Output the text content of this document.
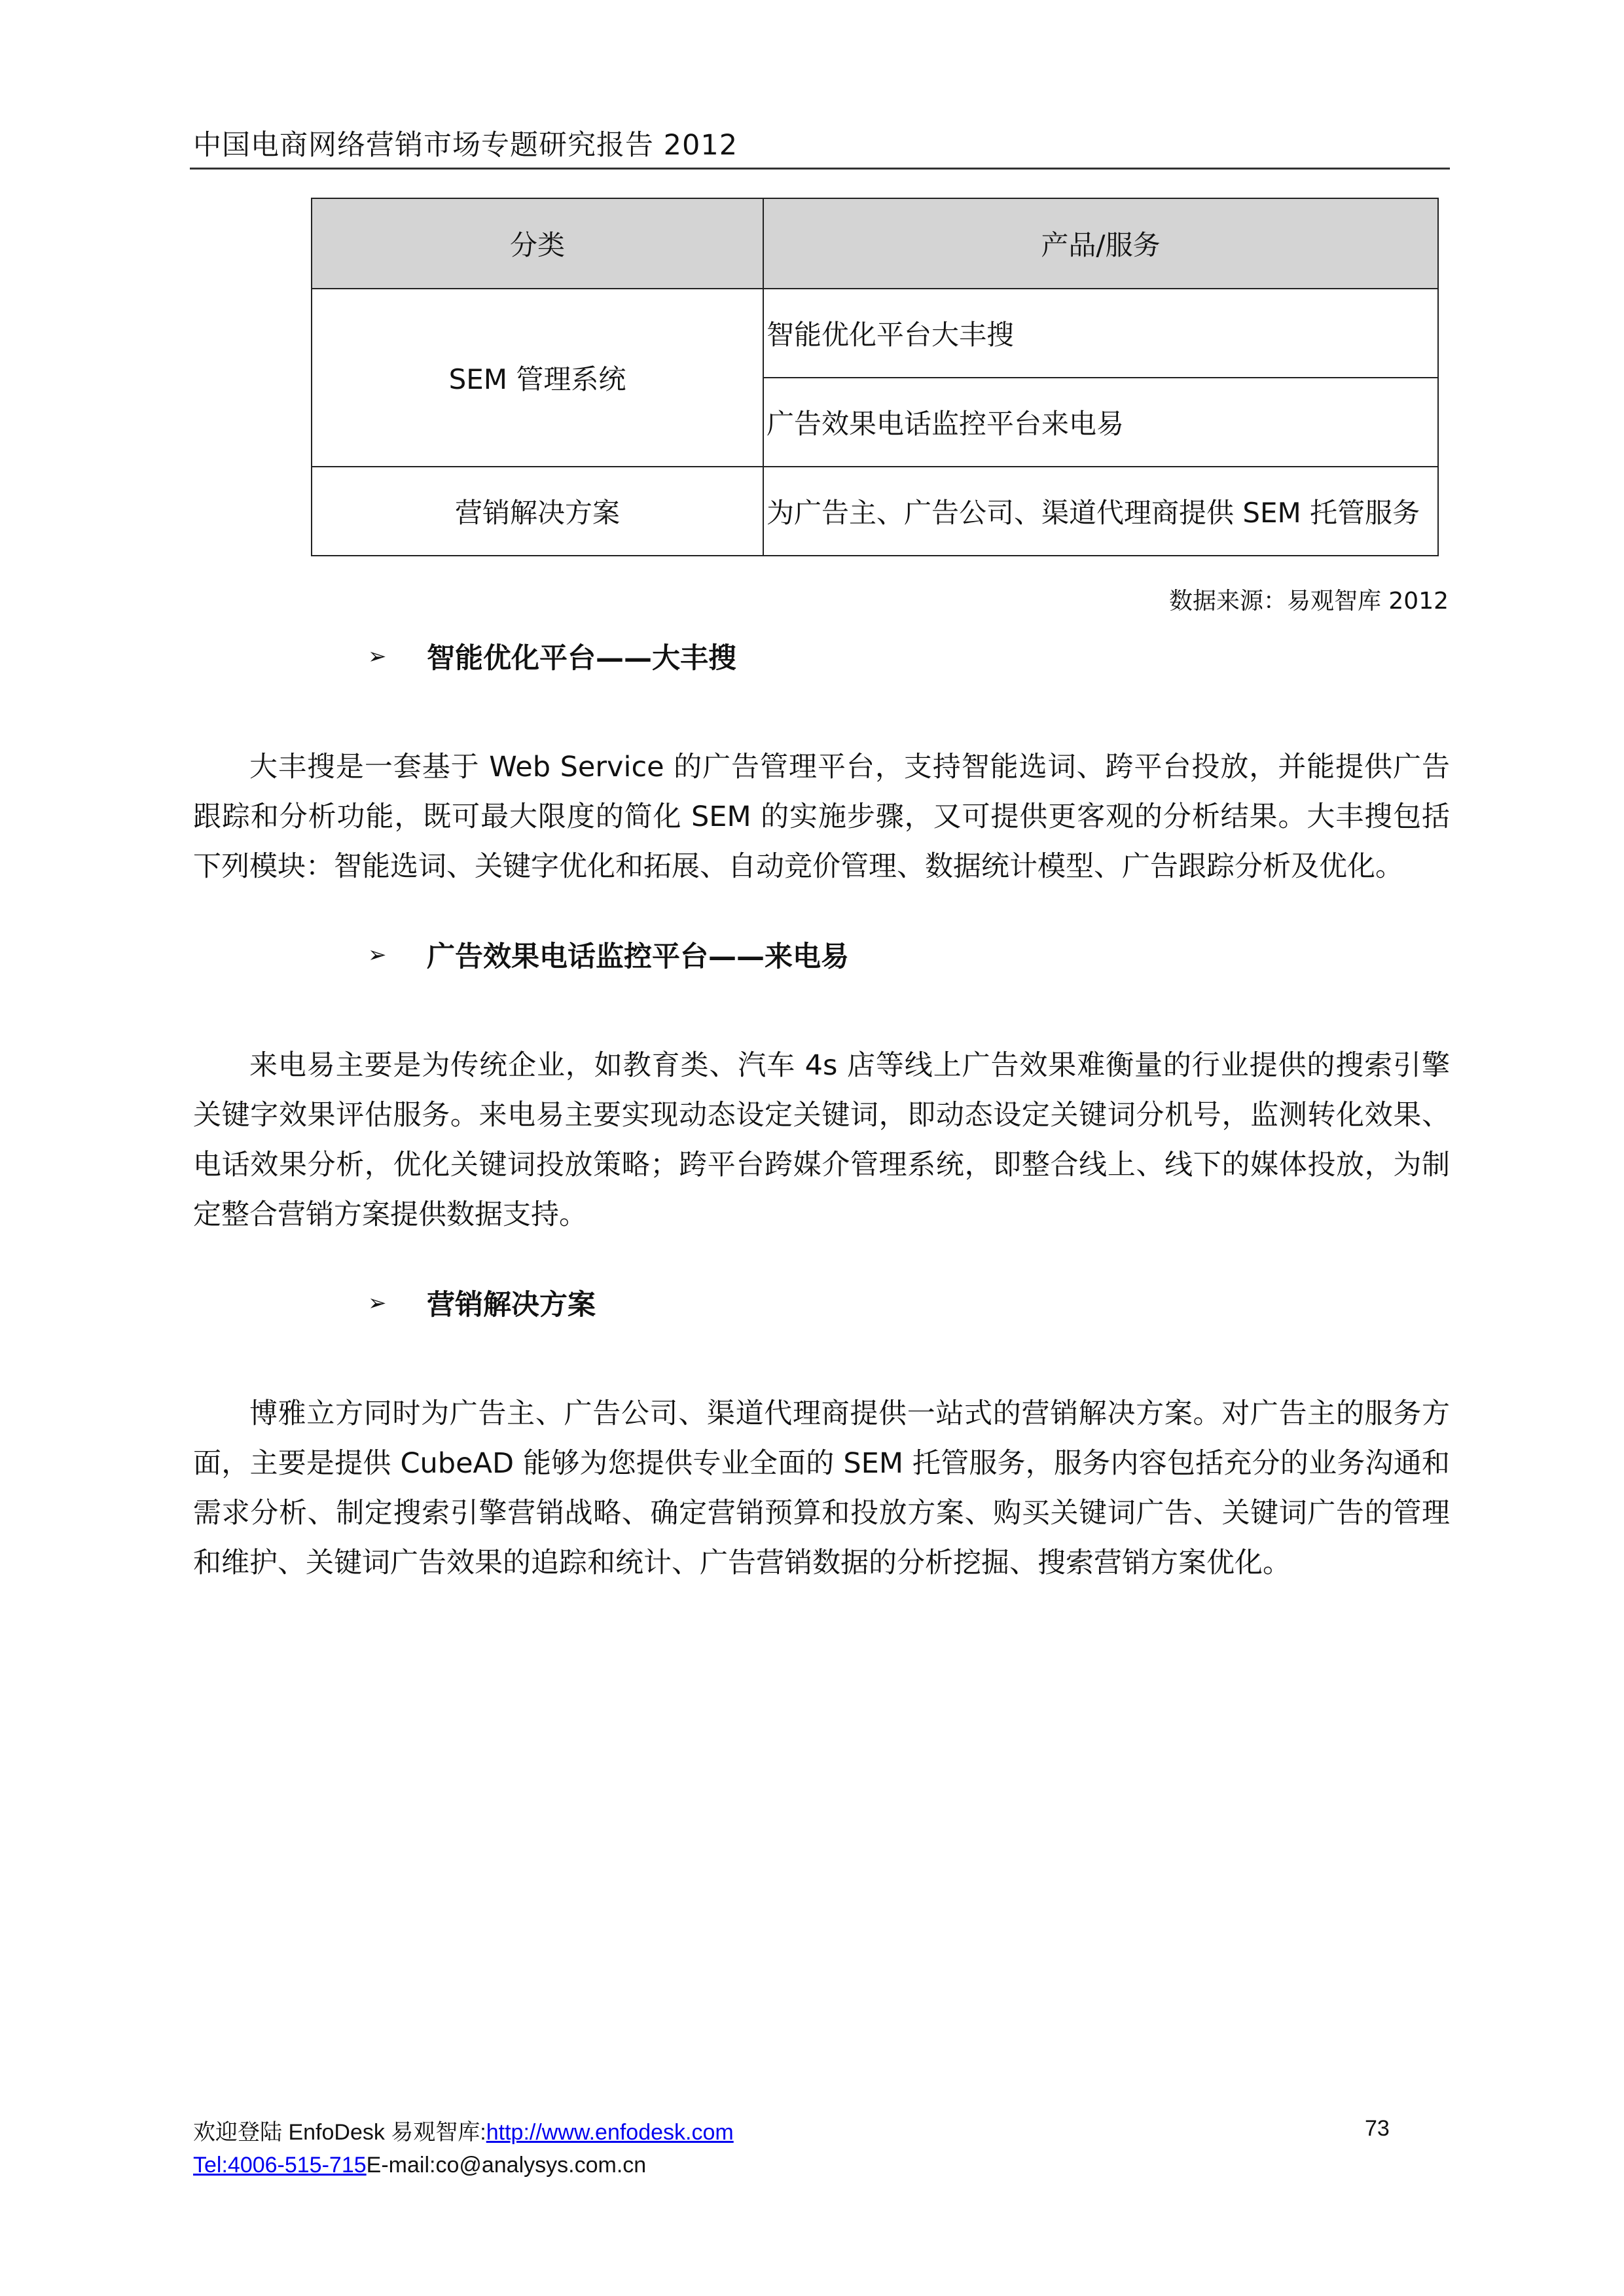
中国电商网络营销市场专题研究报告 2012
分类	产品/服务
SEM 管理系统	智能优化平台大丰搜
	广告效果电话监控平台来电易
营销解决方案	为广告主、广告公司、渠道代理商提供 SEM 托管服务
数据来源：易观智库 2012
➢	智能优化平台——大丰搜

大丰搜是一套基于 Web Service 的广告管理平台，支持智能选词、跨平台投放，并能提供广告跟踪和分析功能，既可最大限度的简化 SEM 的实施步骤，又可提供更客观的分析结果。大丰搜包括下列模块：智能选词、关键字优化和拓展、自动竞价管理、数据统计模型、广告跟踪分析及优化。

➢	广告效果电话监控平台——来电易

来电易主要是为传统企业，如教育类、汽车 4s 店等线上广告效果难衡量的行业提供的搜索引擎关键字效果评估服务。来电易主要实现动态设定关键词，即动态设定关键词分机号，监测转化效果、电话效果分析，优化关键词投放策略；跨平台跨媒介管理系统，即整合线上、线下的媒体投放，为制定整合营销方案提供数据支持。

➢	营销解决方案

博雅立方同时为广告主、广告公司、渠道代理商提供一站式的营销解决方案。对广告主的服务方面，主要是提供 CubeAD 能够为您提供专业全面的 SEM 托管服务，服务内容包括充分的业务沟通和需求分析、制定搜索引擎营销战略、确定营销预算和投放方案、购买关键词广告、关键词广告的管理和维护、关键词广告效果的追踪和统计、广告营销数据的分析挖掘、搜索营销方案优化。

欢迎登陆 EnfoDesk 易观智库:http://www.enfodesk.com
Tel:4006-515-715E-mail:co@analysys.com.cn
73
